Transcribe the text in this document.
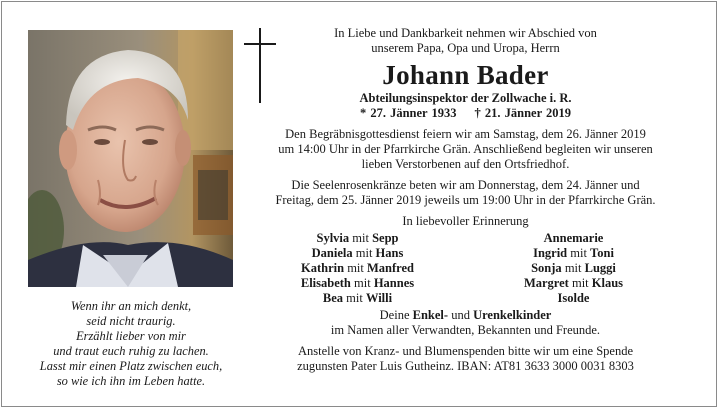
Wenn ihr an mich denkt,
seid nicht traurig.
Erzählt lieber von mir
und traut euch ruhig zu lachen.
Lasst mir einen Platz zwischen euch,
so wie ich ihn im Leben hatte.
In Liebe und Dankbarkeit nehmen wir Abschied von
unserem Papa, Opa und Uropa, Herrn
Johann Bader
Abteilungsinspektor der Zollwache i. R.
* 27. Jänner 1933 † 21. Jänner 2019
Den Begräbnisgottesdienst feiern wir am Samstag, dem 26. Jänner 2019
um 14:00 Uhr in der Pfarrkirche Grän. Anschließend begleiten wir unseren
lieben Verstorbenen auf den Ortsfriedhof.
Die Seelenrosenkränze beten wir am Donnerstag, dem 24. Jänner und
Freitag, dem 25. Jänner 2019 jeweils um 19:00 Uhr in der Pfarrkirche Grän.
In liebevoller Erinnerung
Sylvia mit Sepp
Daniela mit Hans
Kathrin mit Manfred
Elisabeth mit Hannes
Bea mit Willi
Annemarie
Ingrid mit Toni
Sonja mit Luggi
Margret mit Klaus
Isolde
Deine Enkel- und Urenkelkinder
im Namen aller Verwandten, Bekannten und Freunde.
Anstelle von Kranz- und Blumenspenden bitte wir um eine Spende
zugunsten Pater Luis Gutheinz. IBAN: AT81 3633 3000 0031 8303
